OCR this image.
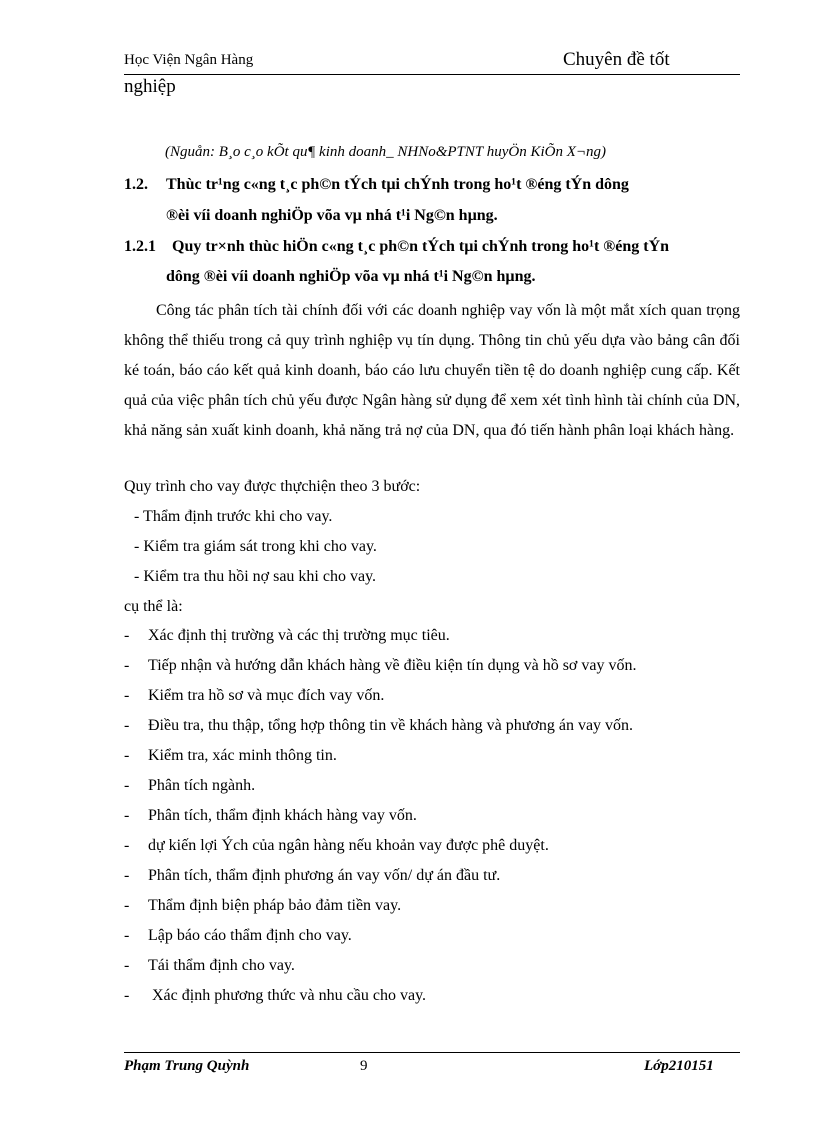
Học Viện Ngân Hàng	Chuyên đề tốt
nghiệp
(Nguån: B¸o c¸o kÕt qu¶ kinh doanh_ NHNo&PTNT huyÖn KiÕn X¬ng)
1.2. Thùc tr¹ng c«ng t¸c ph©n tÝch tµi chÝnh trong ho¹t ®éng tÝn dông
®èi víi doanh nghiÖp võa vµ nhá t¹i Ng©n hµng.
1.2.1 Quy tr×nh thùc hiÖn c«ng t¸c ph©n tÝch tµi chÝnh trong ho¹t ®éng tÝn
dông ®èi víi doanh nghiÖp võa vµ nhá t¹i Ng©n hµng.

Công tác phân tích tài chính đối với các doanh nghiệp vay vốn là một mắt xích quan trọng không thể thiếu trong cả quy trình nghiệp vụ tín dụng. Thông tin chủ yếu dựa vào bảng cân đối ké toán, báo cáo kết quả kinh doanh, báo cáo lưu chuyển tiền tệ do doanh nghiệp cung cấp. Kết quả của việc phân tích chủ yếu được Ngân hàng sử dụng để xem xét tình hình tài chính của DN, khả năng sản xuất kinh doanh, khả năng trả nợ của DN, qua đó tiến hành phân loại khách hàng.

Quy trình cho vay được thựchiện theo 3 bước:
- Thẩm định trước khi cho vay.
- Kiểm tra giám sát trong khi cho vay.
- Kiểm tra thu hồi nợ sau khi cho vay.
cụ thể là:
- Xác định thị trường và các thị trường mục tiêu.
- Tiếp nhận và hướng dẫn khách hàng về điều kiện tín dụng và hồ sơ vay vốn.
- Kiểm tra hồ sơ và mục đích vay vốn.
- Điều tra, thu thập, tổng hợp thông tin về khách hàng và phương án vay vốn.
- Kiểm tra, xác minh thông tin.
- Phân tích ngành.
- Phân tích, thẩm định khách hàng vay vốn.
- dự kiến lợi Ých của ngân hàng nếu khoản vay được phê duyệt.
- Phân tích, thẩm định phương án vay vốn/ dự án đầu tư.
- Thẩm định biện pháp bảo đảm tiền vay.
- Lập báo cáo thẩm định cho vay.
- Tái thẩm định cho vay.
- Xác định phương thức và nhu cầu cho vay.
Phạm Trung Quỳnh	9	Lớp210151
